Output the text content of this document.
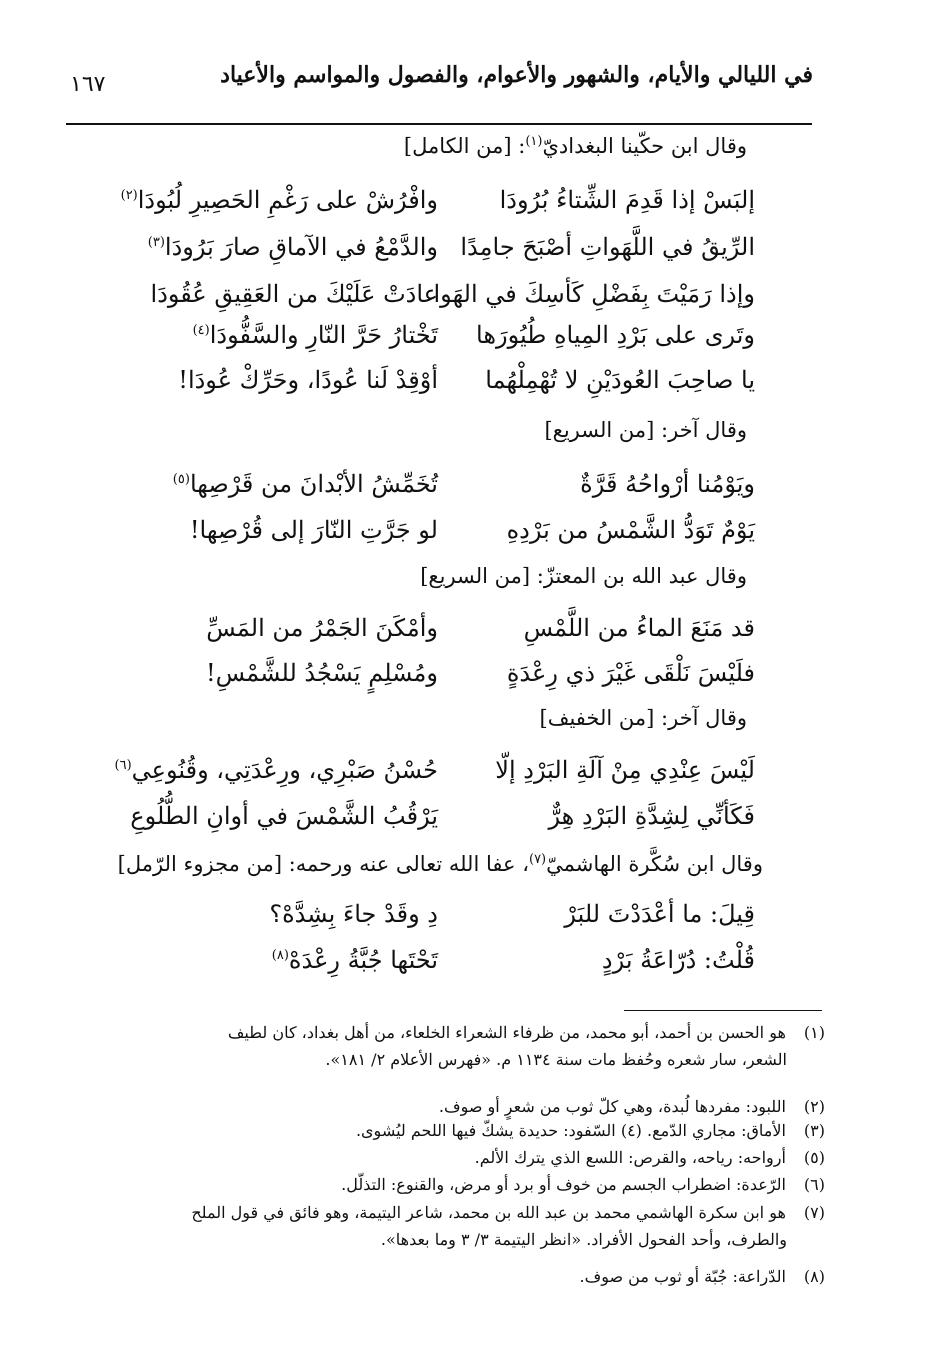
في الليالي والأيام، والشهور والأعوام، والفصول والمواسم والأعياد
١٦٧
وقال ابن حكّينا البغداديّ$^{(١)}$: [من الكامل]
إلبَسْ إذا قَدِمَ الشِّتاءُ بُرُودَا
وافْرُشْ على رَغْمِ الحَصِيرِ لُبُودَا$^{(٢)}$
الرِّيقُ في اللَّهَواتِ أصْبَحَ جامِدًا
والدَّمْعُ في الآماقِ صارَ بَرُودَا$^{(٣)}$
وإذا رَمَيْتَ بِفَضْلِ كَأسِكَ في الهَوا
عادَتْ عَلَيْكَ من العَقِيقِ عُقُودَا
وتَرى على بَرْدِ المِياهِ طُيُورَها
تَخْتارُ حَرَّ النّارِ والسَّفُّودَا$^{(٤)}$
يا صاحِبَ العُودَيْنِ لا تُهْمِلْهُما
أوْقِدْ لَنا عُودًا، وحَرِّكْ عُودَا!
وقال آخر: [من السريع]
ويَوْمُنا أرْواحُهُ قَرَّةٌ
تُخَمِّشُ الأبْدانَ من قَرْصِها$^{(٥)}$
يَوْمٌ تَوَدُّ الشَّمْسُ من بَرْدِهِ
لو جَرَّتِ النّارَ إلى قُرْصِها!
وقال عبد الله بن المعتزّ: [من السريع]
قد مَنَعَ الماءُ من اللَّمْسِ
وأمْكَنَ الجَمْرُ من المَسِّ
فلَيْسَ نَلْقَى غَيْرَ ذي رِعْدَةٍ
ومُسْلِمٍ يَسْجُدُ للشَّمْسِ!
وقال آخر: [من الخفيف]
لَيْسَ عِنْدِي مِنْ آلَةِ البَرْدِ إلّا
حُسْنُ صَبْرِي، ورِعْدَتِي، وقُنُوعِي$^{(٦)}$
فَكَأنِّي لِشِدَّةِ البَرْدِ هِرٌّ
يَرْقُبُ الشَّمْسَ في أوانِ الطُّلُوعِ
وقال ابن سُكَّرة الهاشميّ$^{(٧)}$، عفا الله تعالى عنه ورحمه: [من مجزوء الرّمل]
قِيلَ: ما أعْدَدْتَ للبَرْ
دِ وقَدْ جاءَ بِشِدَّهْ؟
قُلْتُ: دُرّاعَةُ بَرْدٍ
تَحْتَها جُبَّةُ رِعْدَهْ$^{(٨)}$
(١) هو الحسن بن أحمد، أبو محمد، من ظرفاء الشعراء الخلعاء، من أهل بغداد، كان لطيف
الشعر، سار شعره وحُفظ مات سنة ١١٣٤ م. «فهرس الأعلام ٢/ ١٨١».
(٢) اللبود: مفردها لُبدة، وهي كلّ ثوب من شعرٍ أو صوف.
(٣) الأماق: مجاري الدّمع. (٤) السّفود: حديدة يشكّ فيها اللحم ليُشوى.
(٥) أرواحه: رياحه، والقرص: اللسع الذي يترك الألم.
(٦) الرّعدة: اضطراب الجسم من خوف أو برد أو مرض، والقنوع: التذلّل.
(٧) هو ابن سكرة الهاشمي محمد بن عبد الله بن محمد، شاعر اليتيمة، وهو فائق في قول الملح
والطرف، وأحد الفحول الأفراد. «انظر اليتيمة ٣/ ٣ وما بعدها».
(٨) الدّراعة: جُبّة أو ثوب من صوف.
